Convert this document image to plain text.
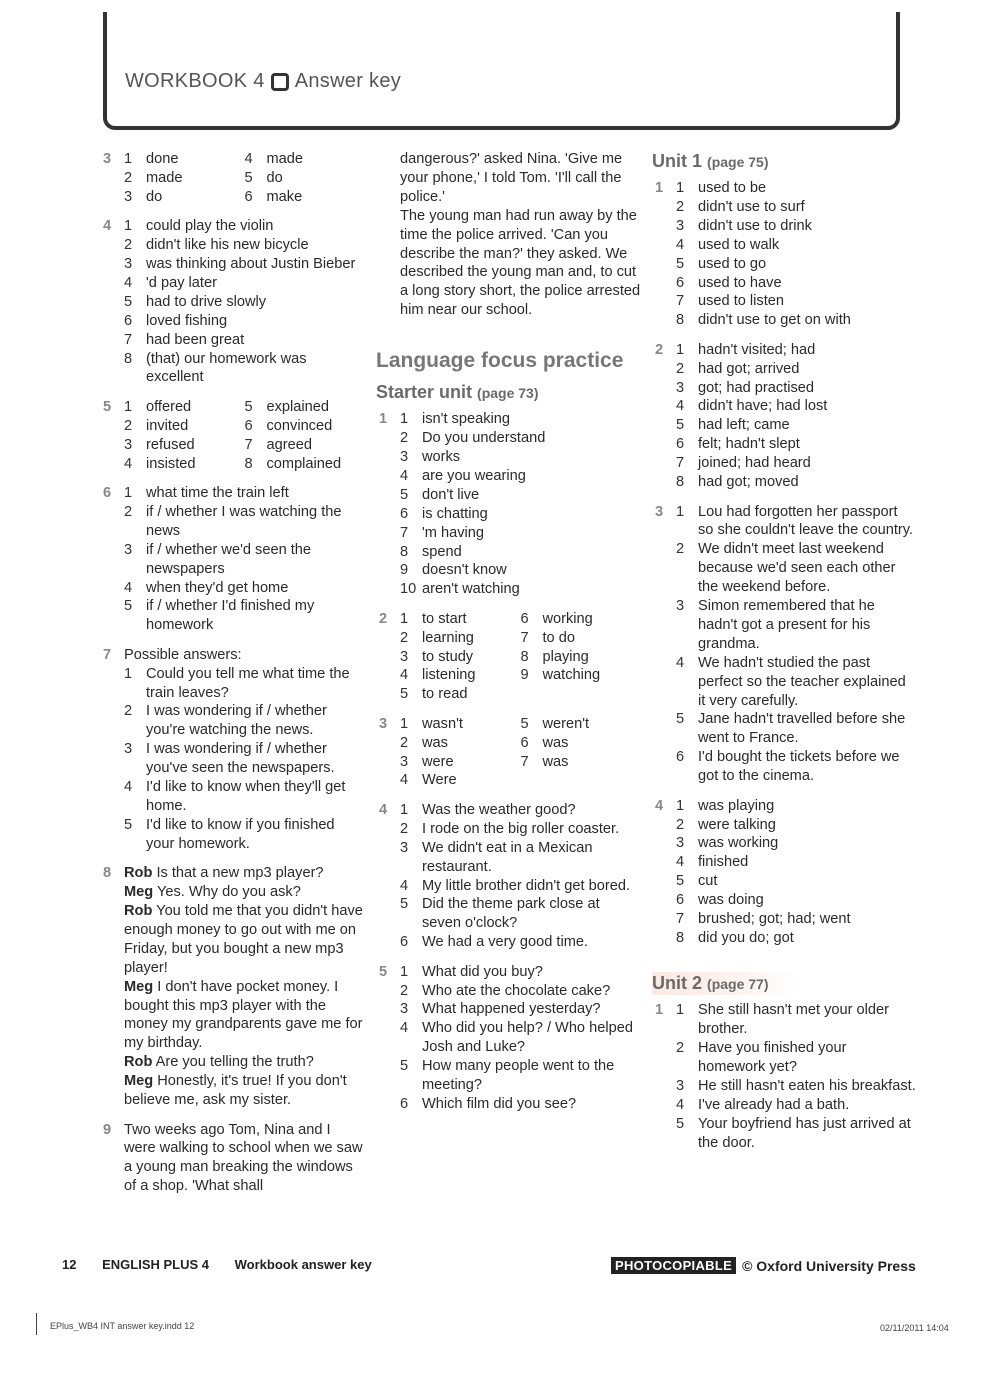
WORKBOOK 4 Answer key
3 1 done
2 made
3 do
4 made
5 do
6 make
4 1 could play the violin
2 didn't like his new bicycle
3 was thinking about Justin Bieber
4 'd pay later
5 had to drive slowly
6 loved fishing
7 had been great
8 (that) our homework was excellent
5 1 offered
2 invited
3 refused
4 insisted
5 explained
6 convinced
7 agreed
8 complained
6 1 what time the train left
2 if / whether I was watching the news
3 if / whether we'd seen the newspapers
4 when they'd get home
5 if / whether I'd finished my homework
7 Possible answers:
1 Could you tell me what time the train leaves?
2 I was wondering if / whether you're watching the news.
3 I was wondering if / whether you've seen the newspapers.
4 I'd like to know when they'll get home.
5 I'd like to know if you finished your homework.
8 Rob Is that a new mp3 player?
Meg Yes. Why do you ask?
Rob You told me that you didn't have enough money to go out with me on Friday, but you bought a new mp3 player!
Meg I don't have pocket money. I bought this mp3 player with the money my grandparents gave me for my birthday.
Rob Are you telling the truth?
Meg Honestly, it's true! If you don't believe me, ask my sister.
9 Two weeks ago Tom, Nina and I were walking to school when we saw a young man breaking the windows of a shop. 'What shall

dangerous?' asked Nina. 'Give me your phone,' I told Tom. 'I'll call the police.'

The young man had run away by the time the police arrived. 'Can you describe the man?' they asked. We described the young man and, to cut a long story short, the police arrested him near our school.

Language focus practice
Starter unit (page 73)
1 1 isn't speaking
2 Do you understand
3 works
4 are you wearing
5 don't live
6 is chatting
7 'm having
8 spend
9 doesn't know
10 aren't watching
2 1 to start
2 learning
3 to study
4 listening
5 to read
6 working
7 to do
8 playing
9 watching
3 1 wasn't
2 was
3 were
4 Were
5 weren't
6 was
7 was
4 1 Was the weather good?
2 I rode on the big roller coaster.
3 We didn't eat in a Mexican restaurant.
4 My little brother didn't get bored.
5 Did the theme park close at seven o'clock?
6 We had a very good time.
5 1 What did you buy?
2 Who ate the chocolate cake?
3 What happened yesterday?
4 Who did you help? / Who helped Josh and Luke?
5 How many people went to the meeting?
6 Which film did you see?
Unit 1 (page 75)
1 1 used to be
2 didn't use to surf
3 didn't use to drink
4 used to walk
5 used to go
6 used to have
7 used to listen
8 didn't use to get on with
2 1 hadn't visited; had
2 had got; arrived
3 got; had practised
4 didn't have; had lost
5 had left; came
6 felt; hadn't slept
7 joined; had heard
8 had got; moved
3 1 Lou had forgotten her passport so she couldn't leave the country.
2 We didn't meet last weekend because we'd seen each other the weekend before.
3 Simon remembered that he hadn't got a present for his grandma.
4 We hadn't studied the past perfect so the teacher explained it very carefully.
5 Jane hadn't travelled before she went to France.
6 I'd bought the tickets before we got to the cinema.
4 1 was playing
2 were talking
3 was working
4 finished
5 cut
6 was doing
7 brushed; got; had; went
8 did you do; got
Unit 2 (page 77)
1 1 She still hasn't met your older brother.
2 Have you finished your homework yet?
3 He still hasn't eaten his breakfast.
4 I've already had a bath.
5 Your boyfriend has just arrived at the door.
12 ENGLISH PLUS 4 Workbook answer key	PHOTOCOPIABLE © Oxford University Press
EPlus_WB4 INT answer key.indd 12	02/11/2011 14:04
